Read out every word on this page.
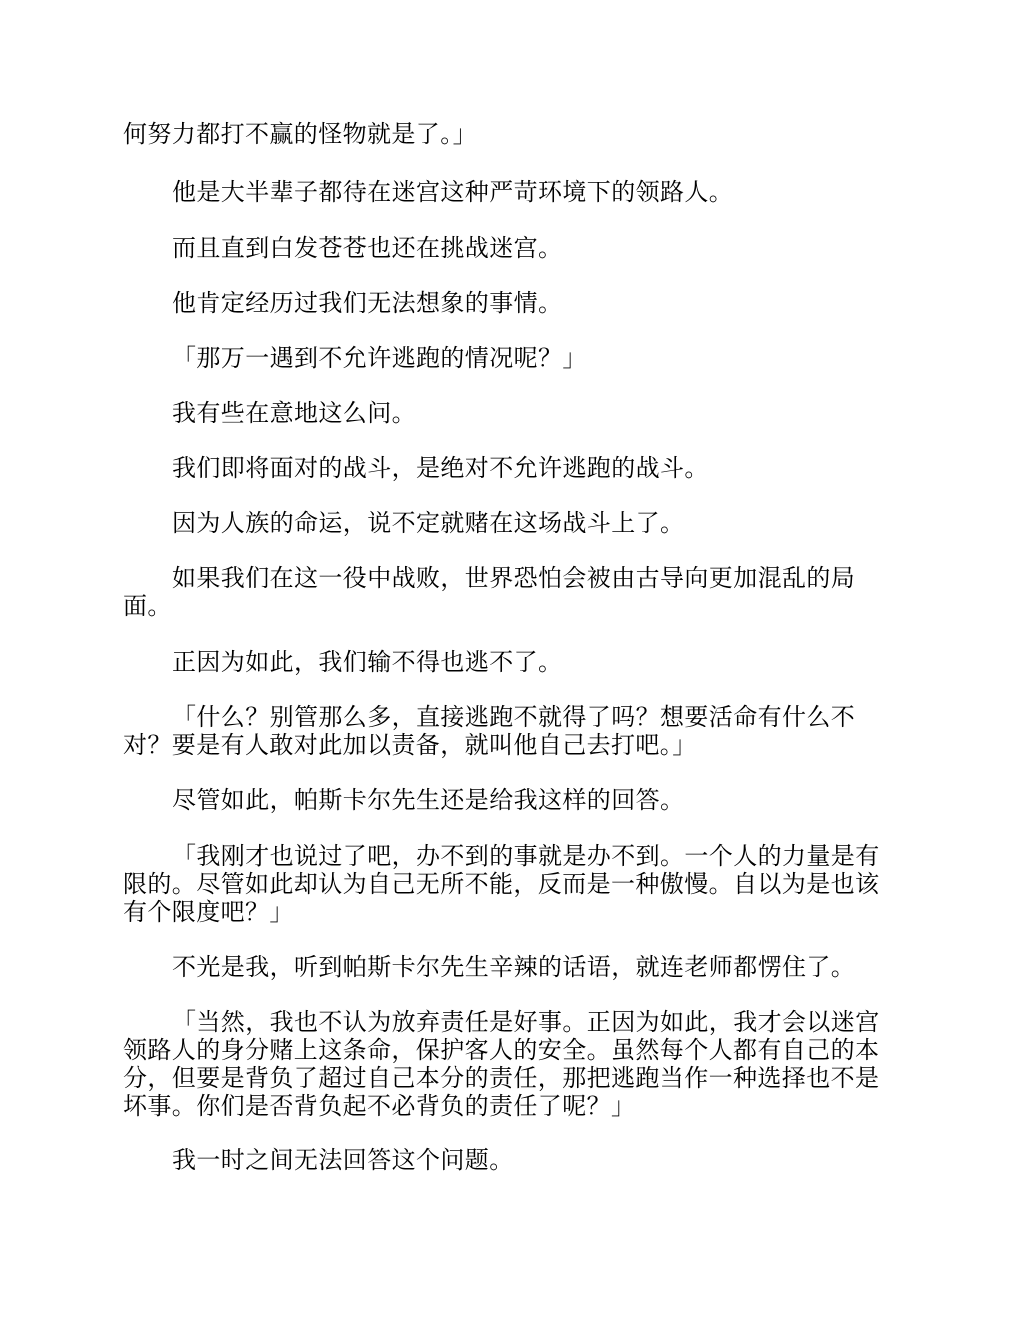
何努力都打不赢的怪物就是了。」
他是大半辈子都待在迷宫这种严苛环境下的领路人。
而且直到白发苍苍也还在挑战迷宫。
他肯定经历过我们无法想象的事情。
「那万一遇到不允许逃跑的情况呢？」
我有些在意地这么问。
我们即将面对的战斗，是绝对不允许逃跑的战斗。
因为人族的命运，说不定就赌在这场战斗上了。
如果我们在这一役中战败，世界恐怕会被由古导向更加混乱的局
面。
正因为如此，我们输不得也逃不了。
「什么？别管那么多，直接逃跑不就得了吗？想要活命有什么不
对？要是有人敢对此加以责备，就叫他自己去打吧。」
尽管如此，帕斯卡尔先生还是给我这样的回答。
「我刚才也说过了吧，办不到的事就是办不到。一个人的力量是有
限的。尽管如此却认为自己无所不能，反而是一种傲慢。自以为是也该
有个限度吧？」
不光是我，听到帕斯卡尔先生辛辣的话语，就连老师都愣住了。
「当然，我也不认为放弃责任是好事。正因为如此，我才会以迷宫
领路人的身分赌上这条命，保护客人的安全。虽然每个人都有自己的本
分，但要是背负了超过自己本分的责任，那把逃跑当作一种选择也不是
坏事。你们是否背负起不必背负的责任了呢？」
我一时之间无法回答这个问题。
